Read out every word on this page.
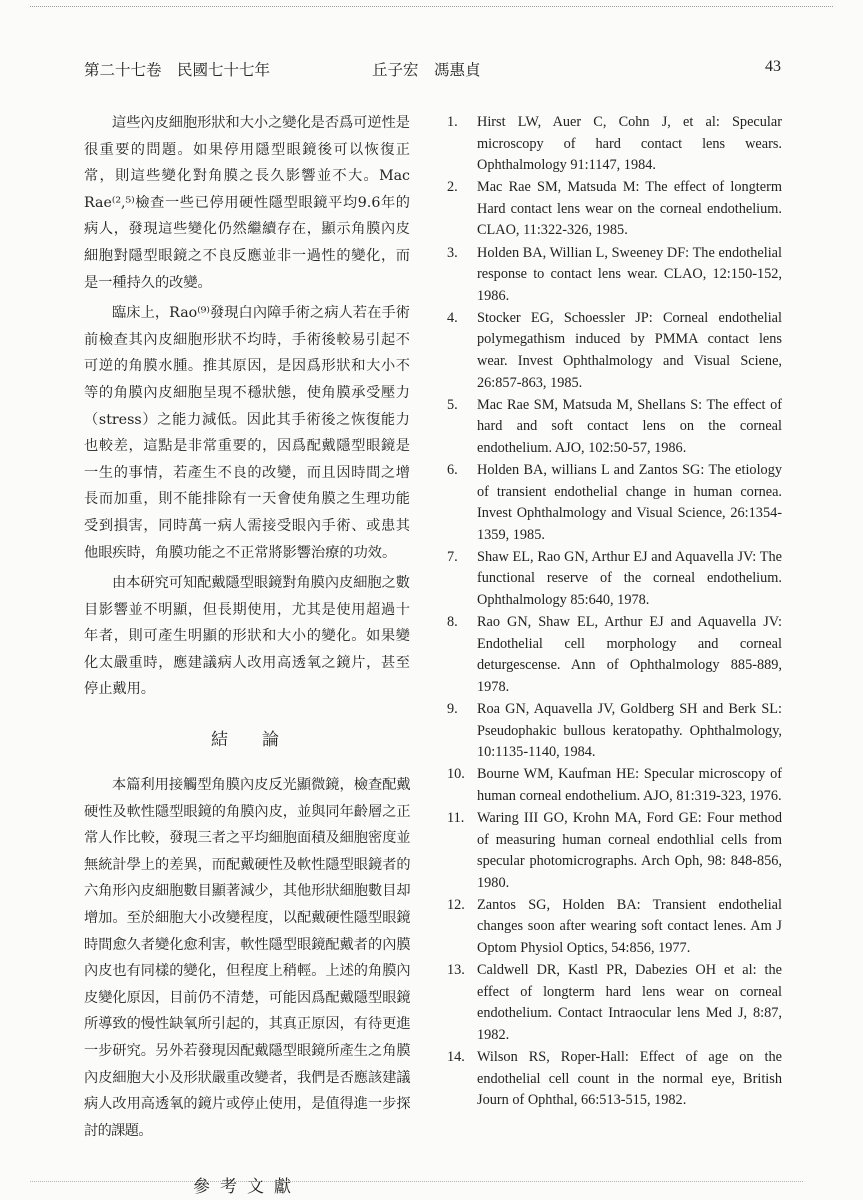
第二十七卷　民國七十七年	丘子宏　馮惠貞	43

這些內皮細胞形狀和大小之變化是否爲可逆性是很重要的問題。如果停用隱型眼鏡後可以恢復正常，則這些變化對角膜之長久影響並不大。Mac Rae⁽²,⁵⁾檢查一些已停用硬性隱型眼鏡平均9.6年的病人，發現這些變化仍然繼續存在，顯示角膜內皮細胞對隱型眼鏡之不良反應並非一過性的變化，而是一種持久的改變。

臨床上，Rao⁽⁹⁾發現白內障手術之病人若在手術前檢查其內皮細胞形狀不均時，手術後較易引起不可逆的角膜水腫。推其原因，是因爲形狀和大小不等的角膜內皮細胞呈現不穩狀態，使角膜承受壓力（stress）之能力減低。因此其手術後之恢復能力也較差，這點是非常重要的，因爲配戴隱型眼鏡是一生的事情，若產生不良的改變，而且因時間之增長而加重，則不能排除有一天會使角膜之生理功能受到損害，同時萬一病人需接受眼內手術、或患其他眼疾時，角膜功能之不正常將影響治療的功效。

由本研究可知配戴隱型眼鏡對角膜內皮細胞之數目影響並不明顯，但長期使用，尤其是使用超過十年者，則可產生明顯的形狀和大小的變化。如果變化太嚴重時，應建議病人改用高透氧之鏡片，甚至停止戴用。

結論

本篇利用接觸型角膜內皮反光顯微鏡，檢查配戴硬性及軟性隱型眼鏡的角膜內皮，並與同年齡層之正常人作比較，發現三者之平均細胞面積及細胞密度並無統計學上的差異，而配戴硬性及軟性隱型眼鏡者的六角形內皮細胞數目顯著減少，其他形狀細胞數目却增加。至於細胞大小改變程度，以配戴硬性隱型眼鏡時間愈久者變化愈利害，軟性隱型眼鏡配戴者的內膜內皮也有同樣的變化，但程度上稍輕。上述的角膜內皮變化原因，目前仍不清楚，可能因爲配戴隱型眼鏡所導致的慢性缺氧所引起的，其真正原因，有待更進一步研究。另外若發現因配戴隱型眼鏡所產生之角膜內皮細胞大小及形狀嚴重改變者，我們是否應該建議病人改用高透氧的鏡片或停止使用，是值得進一步探討的課題。

參考文獻
1. Hirst LW, Auer C, Cohn J, et al: Specular microscopy of hard contact lens wears. Ophthalmology 91:1147, 1984.
2. Mac Rae SM, Matsuda M: The effect of longterm Hard contact lens wear on the corneal endothelium. CLAO, 11:322-326, 1985.
3. Holden BA, Willian L, Sweeney DF: The endothelial response to contact lens wear. CLAO, 12:150-152, 1986.
4. Stocker EG, Schoessler JP: Corneal endothelial polymegathism induced by PMMA contact lens wear. Invest Ophthalmology and Visual Sciene, 26:857-863, 1985.
5. Mac Rae SM, Matsuda M, Shellans S: The effect of hard and soft contact lens on the corneal endothelium. AJO, 102:50-57, 1986.
6. Holden BA, willians L and Zantos SG: The etiology of transient endothelial change in human cornea. Invest Ophthalmology and Visual Science, 26:1354-1359, 1985.
7. Shaw EL, Rao GN, Arthur EJ and Aquavella JV: The functional reserve of the corneal endothelium. Ophthalmology 85:640, 1978.
8. Rao GN, Shaw EL, Arthur EJ and Aquavella JV: Endothelial cell morphology and corneal deturgescense. Ann of Ophthalmology 885-889, 1978.
9. Roa GN, Aquavella JV, Goldberg SH and Berk SL: Pseudophakic bullous keratopathy. Ophthalmology, 10:1135-1140, 1984.
10. Bourne WM, Kaufman HE: Specular microscopy of human corneal endothelium. AJO, 81:319-323, 1976.
11. Waring III GO, Krohn MA, Ford GE: Four method of measuring human corneal endothlial cells from specular photomicrographs. Arch Oph, 98: 848-856, 1980.
12. Zantos SG, Holden BA: Transient endothelial changes soon after wearing soft contact lenes. Am J Optom Physiol Optics, 54:856, 1977.
13. Caldwell DR, Kastl PR, Dabezies OH et al: the effect of longterm hard lens wear on corneal endothelium. Contact Intraocular lens Med J, 8:87, 1982.
14. Wilson RS, Roper-Hall: Effect of age on the endothelial cell count in the normal eye, British Journ of Ophthal, 66:513-515, 1982.
